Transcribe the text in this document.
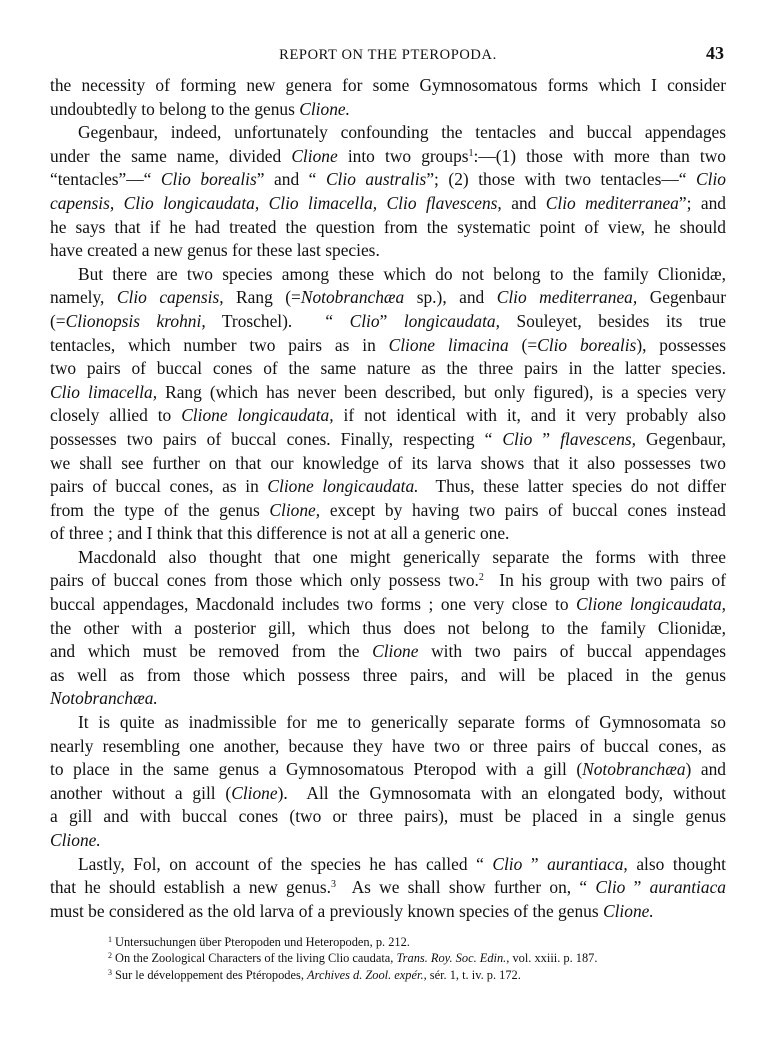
REPORT ON THE PTEROPODA.	43
the necessity of forming new genera for some Gymnosomatous forms which I consider
undoubtedly to belong to the genus Clione.
Gegenbaur, indeed, unfortunately confounding the tentacles and buccal appendages
under the same name, divided Clione into two groups$^1$:—(1) those with more than two
“tentacles”—“ Clio borealis” and “ Clio australis”; (2) those with two tentacles—“ Clio
capensis, Clio longicaudata, Clio limacella, Clio flavescens, and Clio mediterranea”; and
he says that if he had treated the question from the systematic point of view, he should
have created a new genus for these last species.
But there are two species among these which do not belong to the family Clionidæ,
namely, Clio capensis, Rang (=Notobranchæa sp.), and Clio mediterranea, Gegenbaur
(=Clionopsis krohni, Troschel).  “ Clio” longicaudata, Souleyet, besides its true
tentacles, which number two pairs as in Clione limacina (=Clio borealis), possesses
two pairs of buccal cones of the same nature as the three pairs in the latter species.
Clio limacella, Rang (which has never been described, but only figured), is a species very
closely allied to Clione longicaudata, if not identical with it, and it very probably also
possesses two pairs of buccal cones. Finally, respecting “ Clio ” flavescens, Gegenbaur,
we shall see further on that our knowledge of its larva shows that it also possesses two
pairs of buccal cones, as in Clione longicaudata.  Thus, these latter species do not differ
from the type of the genus Clione, except by having two pairs of buccal cones instead
of three ; and I think that this difference is not at all a generic one.
Macdonald also thought that one might generically separate the forms with three
pairs of buccal cones from those which only possess two.$^2$  In his group with two pairs of
buccal appendages, Macdonald includes two forms ; one very close to Clione longicaudata,
the other with a posterior gill, which thus does not belong to the family Clionidæ,
and which must be removed from the Clione with two pairs of buccal appendages
as well as from those which possess three pairs, and will be placed in the genus
Notobranchæa.
It is quite as inadmissible for me to generically separate forms of Gymnosomata so
nearly resembling one another, because they have two or three pairs of buccal cones, as
to place in the same genus a Gymnosomatous Pteropod with a gill (Notobranchæa) and
another without a gill (Clione).  All the Gymnosomata with an elongated body, without
a gill and with buccal cones (two or three pairs), must be placed in a single genus
Clione.
Lastly, Fol, on account of the species he has called “ Clio ” aurantiaca, also thought
that he should establish a new genus.$^3$  As we shall show further on, “ Clio ” aurantiaca
must be considered as the old larva of a previously known species of the genus Clione.
$^1$ Untersuchungen über Pteropoden und Heteropoden, p. 212.
$^2$ On the Zoological Characters of the living Clio caudata, Trans. Roy. Soc. Edin., vol. xxiii. p. 187.
$^3$ Sur le développement des Ptéropodes, Archives d. Zool. expér., sér. 1, t. iv. p. 172.
